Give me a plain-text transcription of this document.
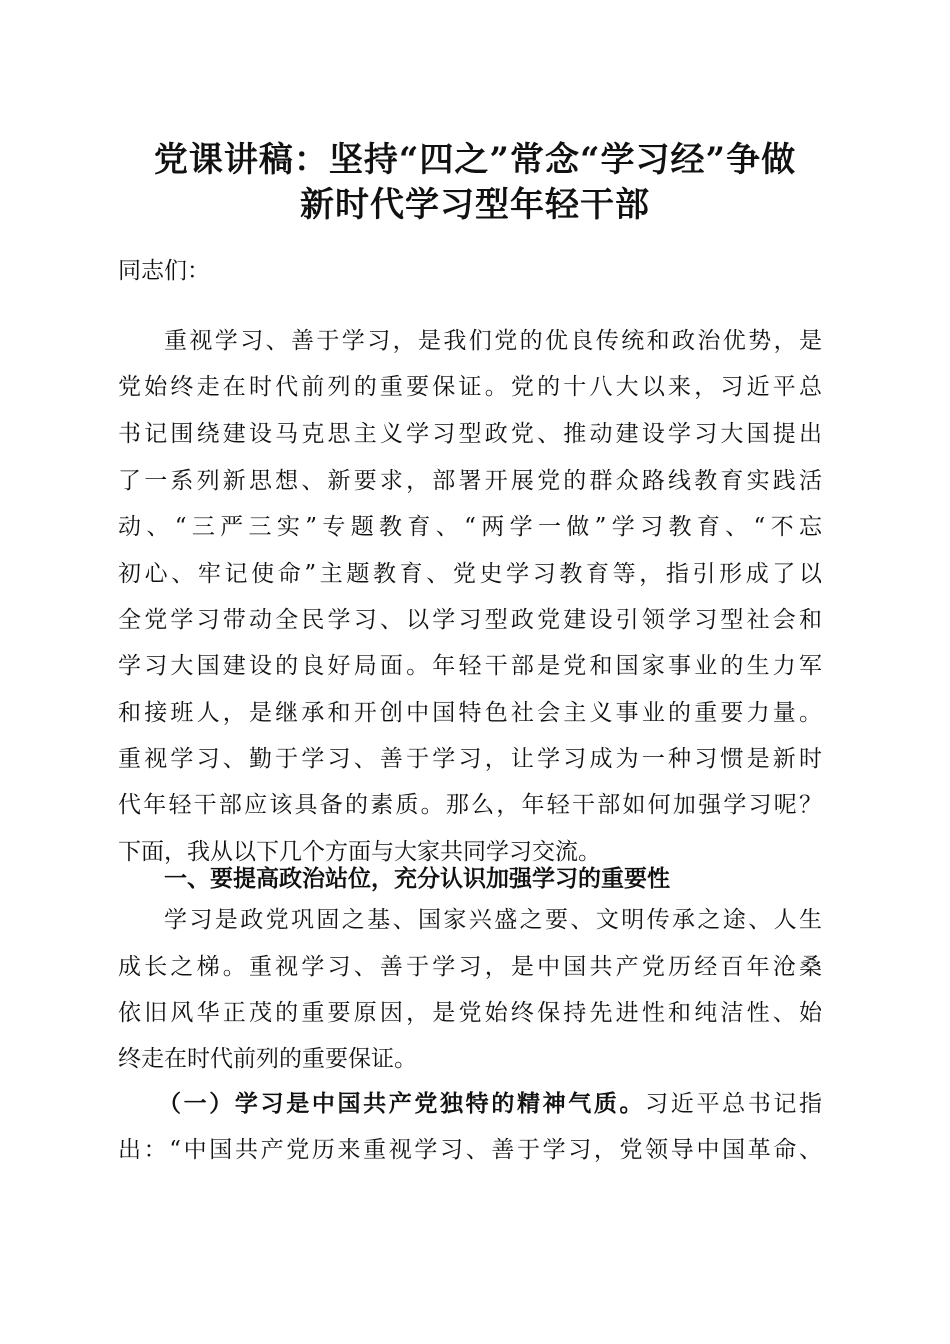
党课讲稿：坚持“四之”常念“学习经”争做
新时代学习型年轻干部
同志们：
重视学习、善于学习，是我们党的优良传统和政治优势，是
党始终走在时代前列的重要保证。党的十八大以来，习近平总
书记围绕建设马克思主义学习型政党、推动建设学习大国提出
了一系列新思想、新要求，部署开展党的群众路线教育实践活
动、“三严三实”专题教育、“两学一做”学习教育、“不忘
初心、牢记使命”主题教育、党史学习教育等，指引形成了以
全党学习带动全民学习、以学习型政党建设引领学习型社会和
学习大国建设的良好局面。年轻干部是党和国家事业的生力军
和接班人，是继承和开创中国特色社会主义事业的重要力量。
重视学习、勤于学习、善于学习，让学习成为一种习惯是新时
代年轻干部应该具备的素质。那么，年轻干部如何加强学习呢？
下面，我从以下几个方面与大家共同学习交流。
一、要提高政治站位，充分认识加强学习的重要性
学习是政党巩固之基、国家兴盛之要、文明传承之途、人生
成长之梯。重视学习、善于学习，是中国共产党历经百年沧桑
依旧风华正茂的重要原因，是党始终保持先进性和纯洁性、始
终走在时代前列的重要保证。
（一）学习是中国共产党独特的精神气质。习近平总书记指
出：“中国共产党历来重视学习、善于学习，党领导中国革命、
